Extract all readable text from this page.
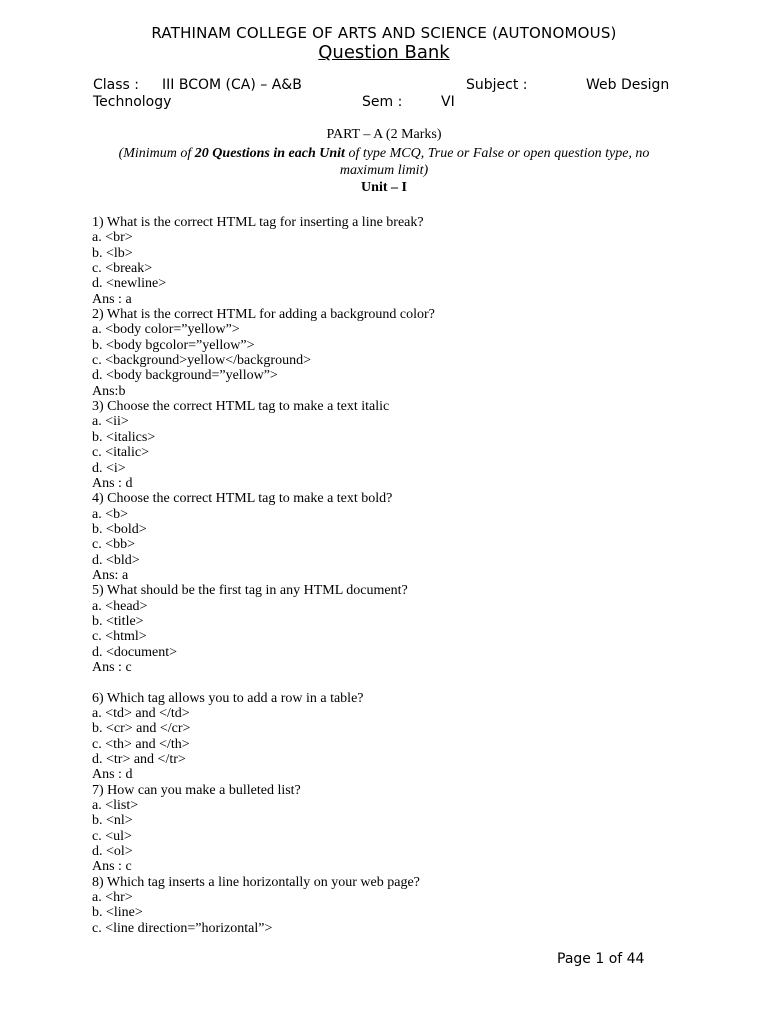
RATHINAM COLLEGE OF ARTS AND SCIENCE (AUTONOMOUS)
Question Bank
Class : III BCOM (CA) – A&B	Subject :	Web Design
Technology	Sem :	VI
PART – A (2 Marks)
(Minimum of 20 Questions in each Unit of type MCQ, True or False or open question type, no maximum limit)
Unit – I
1) What is the correct HTML tag for inserting a line break?
a. <br>
b. <lb>
c. <break>
d. <newline>
Ans : a
2) What is the correct HTML for adding a background color?
a. <body color=”yellow”>
b. <body bgcolor=”yellow”>
c. <background>yellow</background>
d. <body background=”yellow”>
Ans:b
3) Choose the correct HTML tag to make a text italic
a. <ii>
b. <italics>
c. <italic>
d. <i>
Ans : d
4) Choose the correct HTML tag to make a text bold?
a. <b>
b. <bold>
c. <bb>
d. <bld>
Ans: a
5) What should be the first tag in any HTML document?
a. <head>
b. <title>
c. <html>
d. <document>
Ans : c
6) Which tag allows you to add a row in a table?
a. <td> and </td>
b. <cr> and </cr>
c. <th> and </th>
d. <tr> and </tr>
Ans : d
7) How can you make a bulleted list?
a. <list>
b. <nl>
c. <ul>
d. <ol>
Ans : c
8) Which tag inserts a line horizontally on your web page?
a. <hr>
b. <line>
c. <line direction=”horizontal”>
Page 1 of 44
